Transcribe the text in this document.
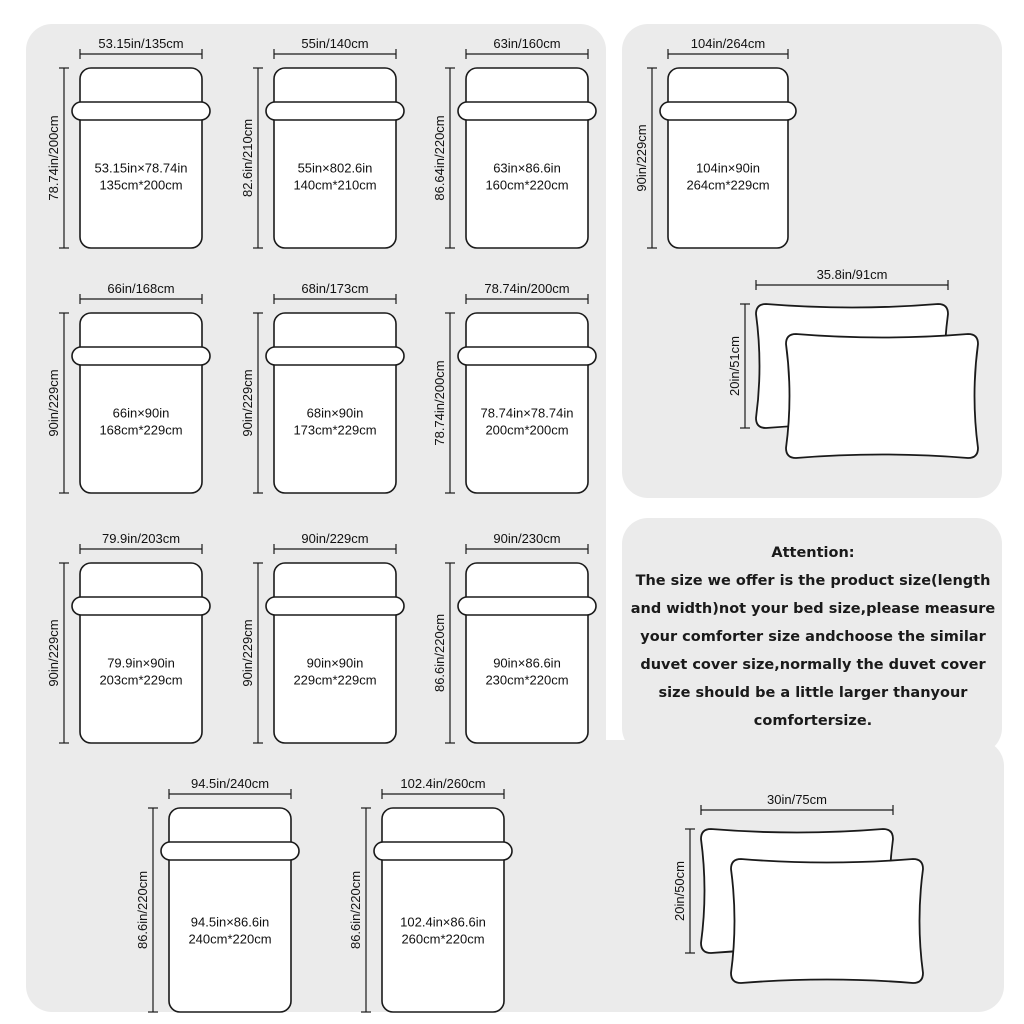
53.15in/135cm
78.74in/200cm	53.15in×78.74in
135cm*200cm
55in/140cm
82.6in/210cm	55in×802.6in
140cm*210cm
63in/160cm
86.64in/220cm	63in×86.6in
160cm*220cm
104in/264cm
90in/229cm	104in×90in
264cm*229cm
66in/168cm
90in/229cm	66in×90in
168cm*229cm
68in/173cm
90in/229cm	68in×90in
173cm*229cm
78.74in/200cm
78.74in/200cm	78.74in×78.74in
200cm*200cm
79.9in/203cm
90in/229cm	79.9in×90in
203cm*229cm
90in/229cm
90in/229cm	90in×90in
229cm*229cm
90in/230cm
86.6in/220cm	90in×86.6in
230cm*220cm
94.5in/240cm
86.6in/220cm	94.5in×86.6in
240cm*220cm
102.4in/260cm
86.6in/220cm	102.4in×86.6in
260cm*220cm
35.8in/91cm
20in/51cm
30in/75cm
20in/50cm
Attention:
The size we offer is the product size(length
and width)not your bed size,please measure
your comforter size andchoose the similar
duvet cover size,normally the duvet cover
size should be a little larger thanyour
comfortersize.
